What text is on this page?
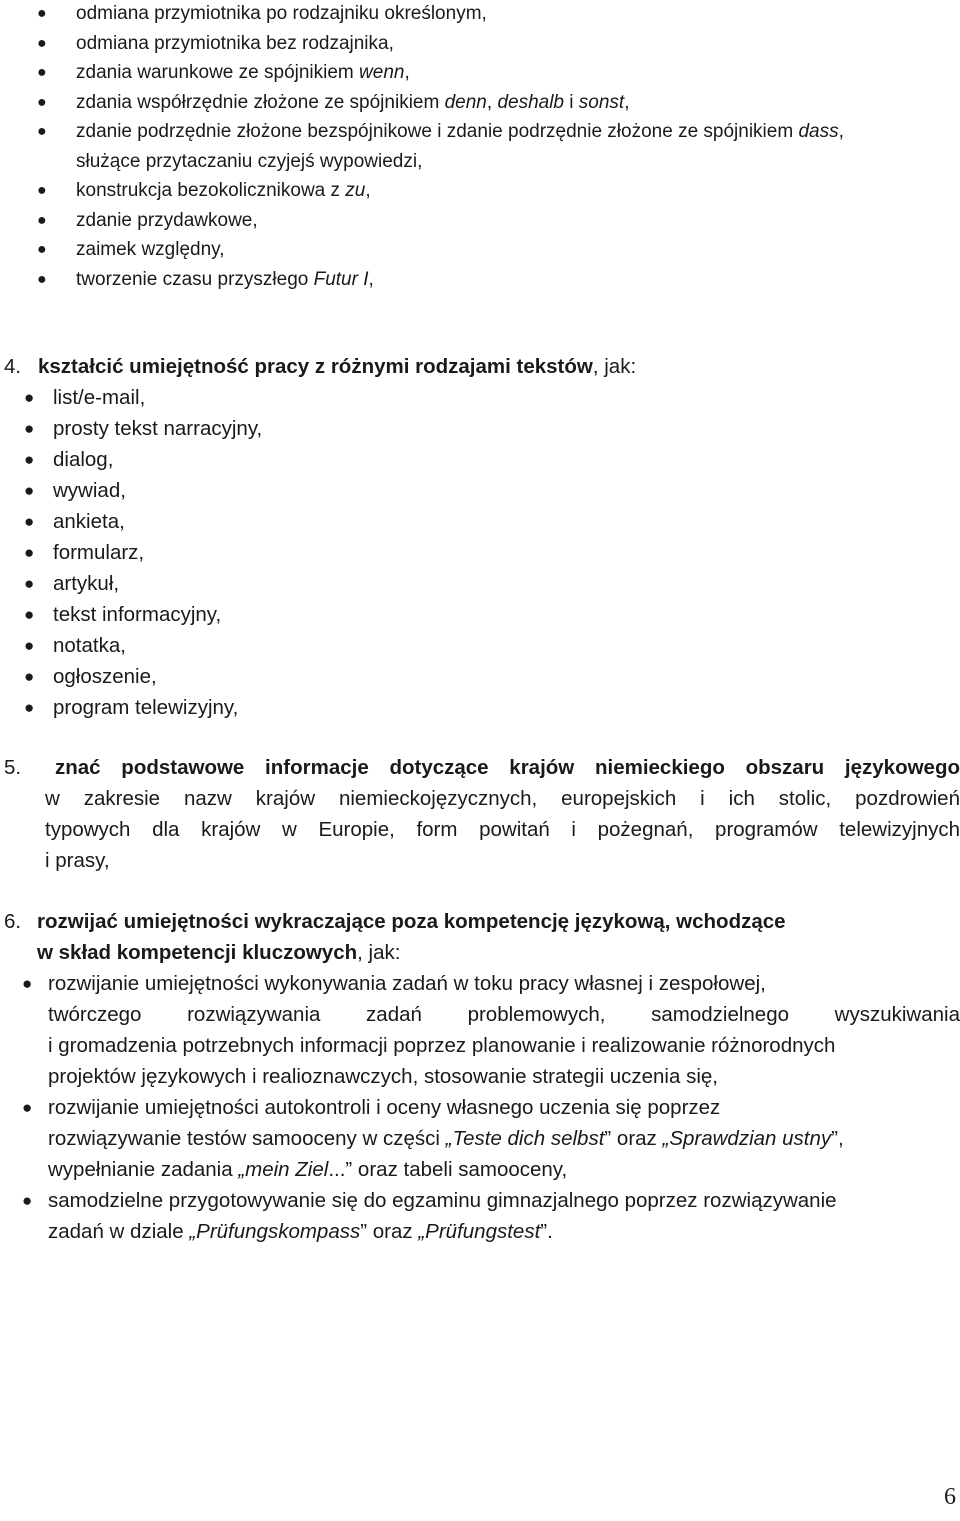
● odmiana przymiotnika po rodzajniku określonym,
● odmiana przymiotnika bez rodzajnika,
● zdania warunkowe ze spójnikiem wenn,
● zdania współrzędnie złożone ze spójnikiem denn, deshalb i sonst,
● zdanie podrzędnie złożone bezspójnikowe i zdanie podrzędnie złożone ze spójnikiem dass,
służące przytaczaniu czyjejś wypowiedzi,
● konstrukcja bezokolicznikowa z zu,
● zdanie przydawkowe,
● zaimek względny,
● tworzenie czasu przyszłego Futur I,
4. kształcić umiejętność pracy z różnymi rodzajami tekstów, jak:
● list/e-mail,
● prosty tekst narracyjny,
● dialog,
● wywiad,
● ankieta,
● formularz,
● artykuł,
● tekst informacyjny,
● notatka,
● ogłoszenie,
● program telewizyjny,
5. znać podstawowe informacje dotyczące krajów niemieckiego obszaru językowego
w zakresie nazw krajów niemieckojęzycznych, europejskich i ich stolic, pozdrowień
typowych dla krajów w Europie, form powitań i pożegnań, programów telewizyjnych
i prasy,
6. rozwijać umiejętności wykraczające poza kompetencję językową, wchodzące
w skład kompetencji kluczowych, jak:
● rozwijanie umiejętności wykonywania zadań w toku pracy własnej i zespołowej,
twórczego rozwiązywania zadań problemowych, samodzielnego wyszukiwania
i gromadzenia potrzebnych informacji poprzez planowanie i realizowanie różnorodnych
projektów językowych i realioznawczych, stosowanie strategii uczenia się,
● rozwijanie umiejętności autokontroli i oceny własnego uczenia się poprzez
rozwiązywanie testów samooceny w części „Teste dich selbst” oraz „Sprawdzian ustny”,
wypełnianie zadania „mein Ziel...” oraz tabeli samooceny,
● samodzielne przygotowywanie się do egzaminu gimnazjalnego poprzez rozwiązywanie
zadań w dziale „Prüfungskompass” oraz „Prüfungstest”.
6
